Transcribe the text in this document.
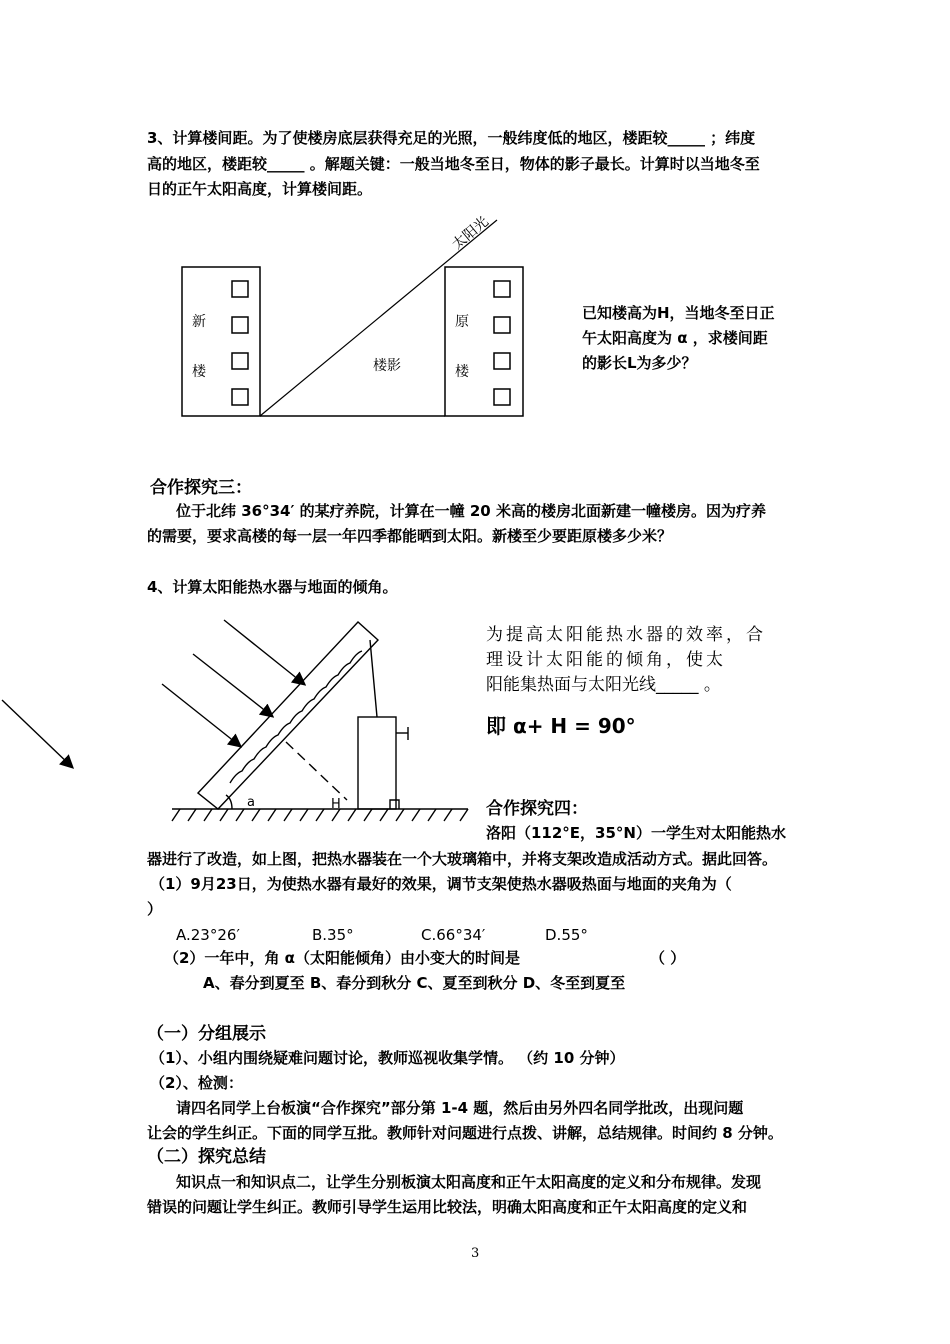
3、计算楼间距。为了使楼房底层获得充足的光照，一般纬度低的地区，楼距较_____ ；纬度
高的地区，楼距较_____ 。解题关键：一般当地冬至日，物体的影子最长。计算时以当地冬至
日的正午太阳高度，计算楼间距。
太阳光
新
楼	楼影
原
楼
已知楼高为H，当地冬至日正
午太阳高度为 α ，求楼间距
的影长L为多少？
合作探究三：
位于北纬 36°34′ 的某疗养院，计算在一幢 20 米高的楼房北面新建一幢楼房。因为疗养
的需要，要求高楼的每一层一年四季都能晒到太阳。新楼至少要距原楼多少米？
4、计算太阳能热水器与地面的倾角。
a	H
为提高太阳能热水器的效率，合
理设计太阳能的倾角，使太
阳能集热面与太阳光线_____ 。
即 α+ H = 90°
合作探究四：
洛阳（112°E，35°N）一学生对太阳能热水
器进行了改造，如上图，把热水器装在一个大玻璃箱中，并将支架改造成活动方式。据此回答。
（1）9月23日，为使热水器有最好的效果，调节支架使热水器吸热面与地面的夹角为（
）
A.23°26′	B.35°	C.66°34′	D.55°
（2）一年中，角 α（太阳能倾角）由小变大的时间是	（ ）
A、春分到夏至 B、春分到秋分 C、夏至到秋分 D、冬至到夏至
（一）分组展示
（1）、小组内围绕疑难问题讨论，教师巡视收集学情。 （约 10 分钟）
（2）、检测：
请四名同学上台板演“合作探究”部分第 1-4 题，然后由另外四名同学批改，出现问题
让会的学生纠正。下面的同学互批。教师针对问题进行点拨、讲解，总结规律。时间约 8 分钟。
（二）探究总结
知识点一和知识点二，让学生分别板演太阳高度和正午太阳高度的定义和分布规律。发现
错误的问题让学生纠正。教师引导学生运用比较法，明确太阳高度和正午太阳高度的定义和
3
